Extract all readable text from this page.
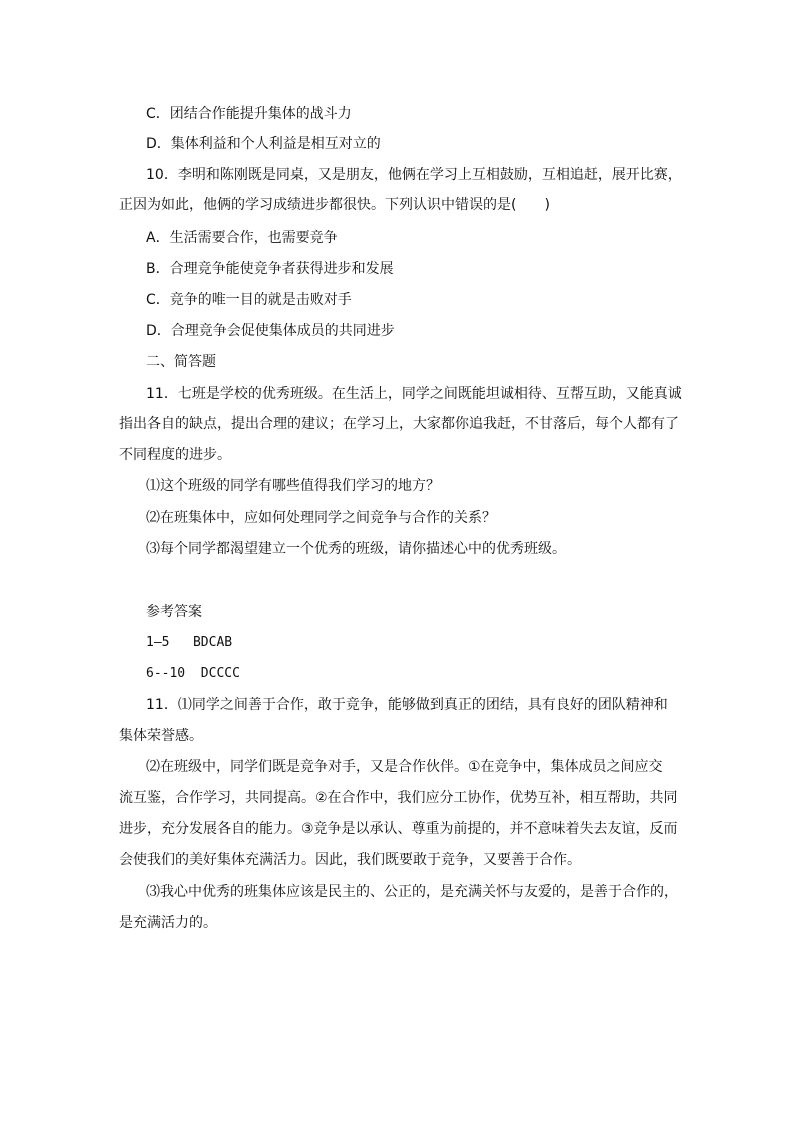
C．团结合作能提升集体的战斗力
D．集体利益和个人利益是相互对立的
10．李明和陈刚既是同桌，又是朋友，他俩在学习上互相鼓励，互相追赶，展开比赛，
正因为如此，他俩的学习成绩进步都很快。下列认识中错误的是(　　)
A．生活需要合作，也需要竞争
B．合理竞争能使竞争者获得进步和发展
C．竞争的唯一目的就是击败对手
D．合理竞争会促使集体成员的共同进步
二、简答题
11．七班是学校的优秀班级。在生活上，同学之间既能坦诚相待、互帮互助，又能真诚
指出各自的缺点，提出合理的建议；在学习上，大家都你追我赶，不甘落后，每个人都有了
不同程度的进步。
⑴这个班级的同学有哪些值得我们学习的地方？
⑵在班集体中，应如何处理同学之间竞争与合作的关系？
⑶每个同学都渴望建立一个优秀的班级，请你描述心中的优秀班级。
参考答案
1—5   BDCAB
6--10  DCCCC
11．⑴同学之间善于合作，敢于竞争，能够做到真正的团结，具有良好的团队精神和
集体荣誉感。
⑵在班级中，同学们既是竞争对手，又是合作伙伴。①在竞争中，集体成员之间应交
流互鉴，合作学习，共同提高。②在合作中，我们应分工协作，优势互补，相互帮助，共同
进步，充分发展各自的能力。③竞争是以承认、尊重为前提的，并不意味着失去友谊，反而
会使我们的美好集体充满活力。因此，我们既要敢于竞争，又要善于合作。
⑶我心中优秀的班集体应该是民主的、公正的，是充满关怀与友爱的，是善于合作的，
是充满活力的。
